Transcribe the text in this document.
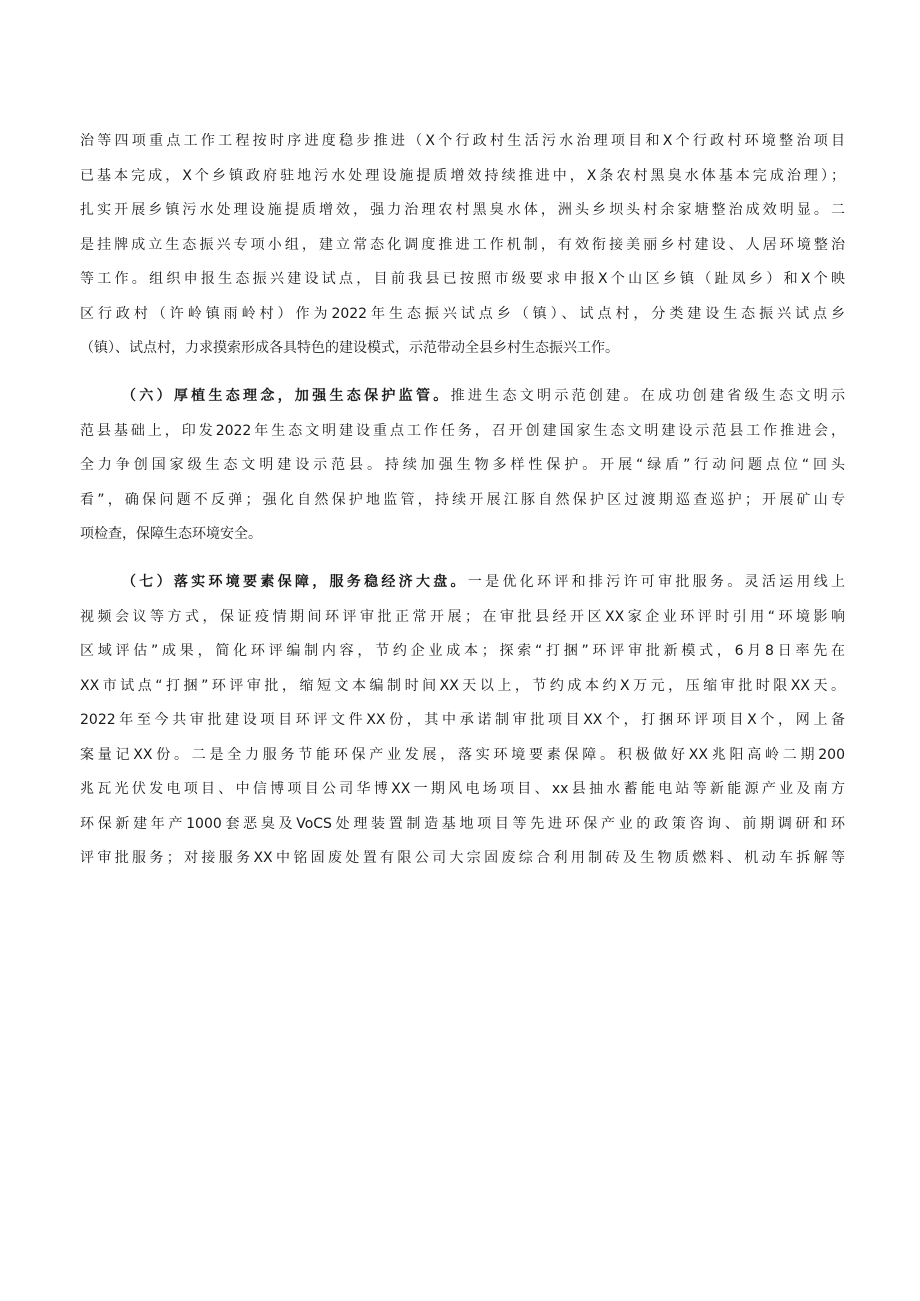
治等四项重点工作工程按时序进度稳步推进（X个行政村生活污水治理项目和X个行政村环境整治项目
已基本完成，X个乡镇政府驻地污水处理设施提质增效持续推进中，X条农村黑臭水体基本完成治理）；
扎实开展乡镇污水处理设施提质增效，强力治理农村黑臭水体，洲头乡坝头村余家塘整治成效明显。二
是挂牌成立生态振兴专项小组，建立常态化调度推进工作机制，有效衔接美丽乡村建设、人居环境整治
等工作。组织申报生态振兴建设试点，目前我县已按照市级要求申报X个山区乡镇（趾凤乡）和X个映
区行政村（许岭镇雨岭村）作为2022年生态振兴试点乡（镇）、试点村，分类建设生态振兴试点乡
（镇）、试点村，力求摸索形成各具特色的建设模式，示范带动全县乡村生态振兴工作。
（六）厚植生态理念，加强生态保护监管。推进生态文明示范创建。在成功创建省级生态文明示
范县基础上，印发2022年生态文明建设重点工作任务，召开创建国家生态文明建设示范县工作推进会，
全力争创国家级生态文明建设示范县。持续加强生物多样性保护。开展“绿盾”行动问题点位“回头
看”，确保问题不反弹；强化自然保护地监管，持续开展江豚自然保护区过渡期巡查巡护；开展矿山专
项检查，保障生态环境安全。
（七）落实环境要素保障，服务稳经济大盘。一是优化环评和排污许可审批服务。灵活运用线上
视频会议等方式，保证疫情期间环评审批正常开展；在审批县经开区XX家企业环评时引用“环境影响
区域评估”成果，简化环评编制内容，节约企业成本；探索“打捆”环评审批新模式，6月8日率先在
XX市试点“打捆”环评审批，缩短文本编制时间XX天以上，节约成本约X万元，压缩审批时限XX天。
2022年至今共审批建设项目环评文件XX份，其中承诺制审批项目XX个，打捆环评项目X个，网上备
案量记XX份。二是全力服务节能环保产业发展，落实环境要素保障。积极做好XX兆阳高岭二期200
兆瓦光伏发电项目、中信博项目公司华博XX一期风电场项目、xx县抽水蓄能电站等新能源产业及南方
环保新建年产1000套恶臭及VoCS处理装置制造基地项目等先进环保产业的政策咨询、前期调研和环
评审批服务；对接服务XX中铭固废处置有限公司大宗固废综合利用制砖及生物质燃料、机动车拆解等
